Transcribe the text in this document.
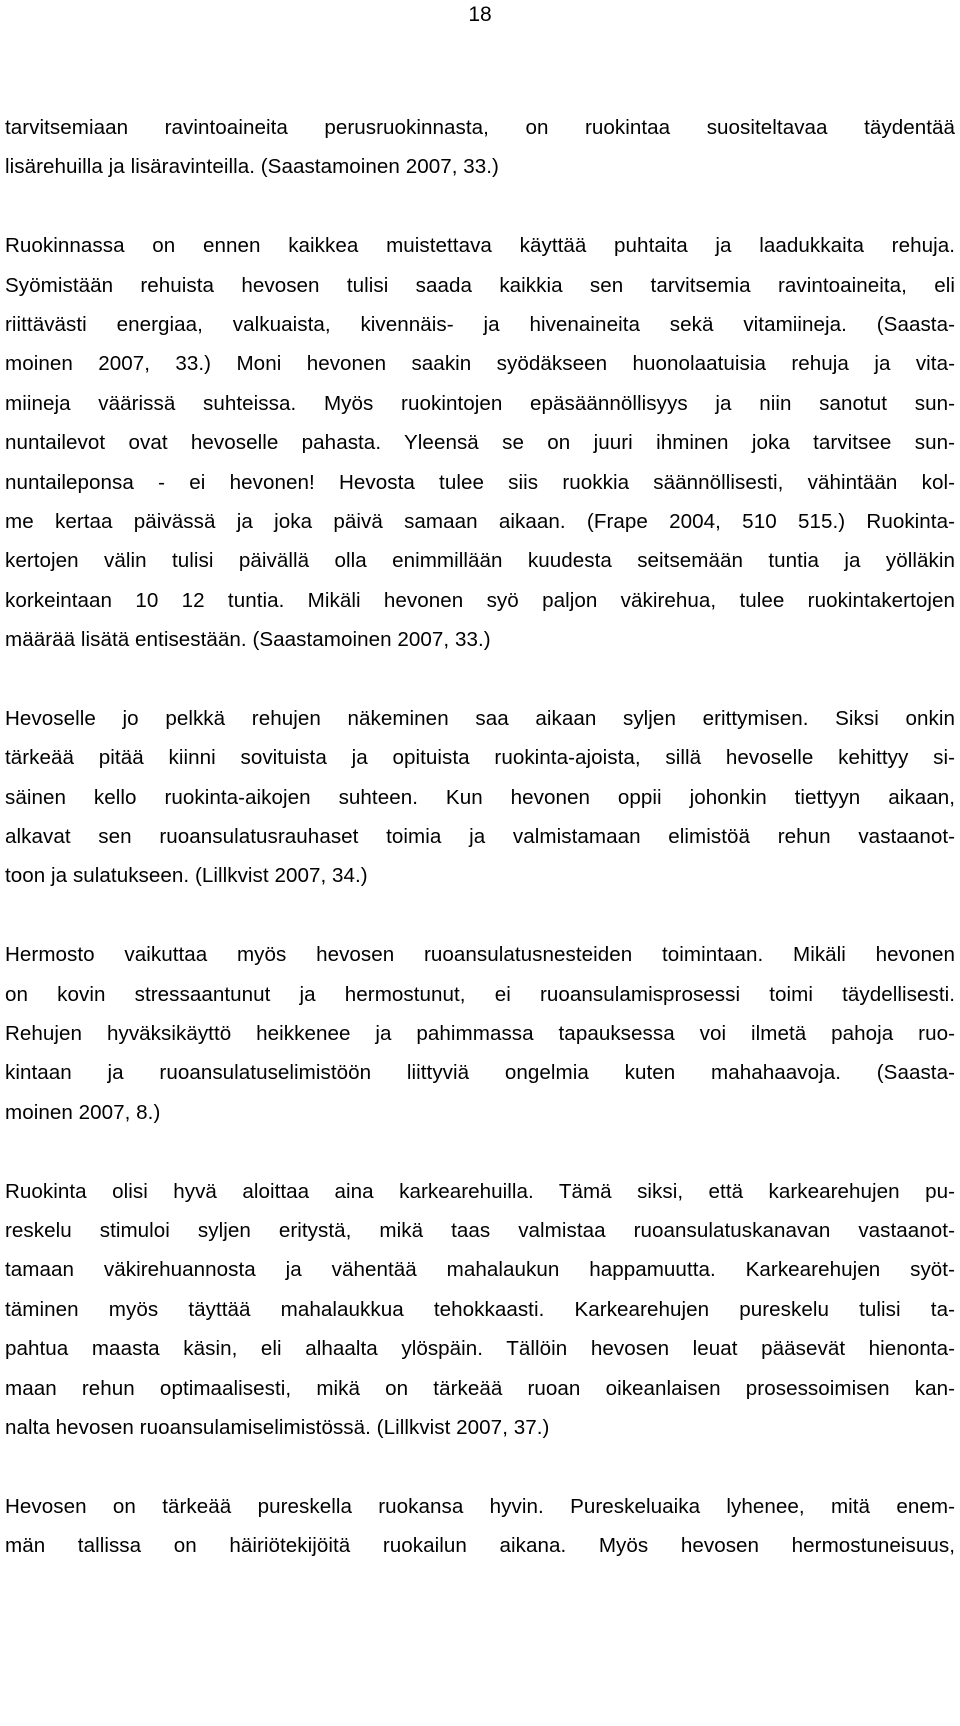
18
tarvitsemiaan ravintoaineita perusruokinnasta, on ruokintaa suositeltavaa täydentää
lisärehuilla ja lisäravinteilla. (Saastamoinen 2007, 33.)
Ruokinnassa on ennen kaikkea muistettava käyttää puhtaita ja laadukkaita rehuja.
Syömistään rehuista hevosen tulisi saada kaikkia sen tarvitsemia ravintoaineita, eli
riittävästi energiaa, valkuaista, kivennäis- ja hivenaineita sekä vitamiineja. (Saasta-
moinen 2007, 33.) Moni hevonen saakin syödäkseen huonolaatuisia rehuja ja vita-
miineja väärissä suhteissa. Myös ruokintojen epäsäännöllisyys ja niin sanotut sun-
nuntailevot ovat hevoselle pahasta. Yleensä se on juuri ihminen joka tarvitsee sun-
nuntaileponsa - ei hevonen! Hevosta tulee siis ruokkia säännöllisesti, vähintään kol-
me kertaa päivässä ja joka päivä samaan aikaan. (Frape 2004, 510 515.) Ruokinta-
kertojen välin tulisi päivällä olla enimmillään kuudesta seitsemään tuntia ja yölläkin
korkeintaan 10 12 tuntia. Mikäli hevonen syö paljon väkirehua, tulee ruokintakertojen
määrää lisätä entisestään. (Saastamoinen 2007, 33.)
Hevoselle jo pelkkä rehujen näkeminen saa aikaan syljen erittymisen. Siksi onkin
tärkeää pitää kiinni sovituista ja opituista ruokinta-ajoista, sillä hevoselle kehittyy si-
säinen kello ruokinta-aikojen suhteen. Kun hevonen oppii johonkin tiettyyn aikaan,
alkavat sen ruoansulatusrauhaset toimia ja valmistamaan elimistöä rehun vastaanot-
toon ja sulatukseen. (Lillkvist 2007, 34.)
Hermosto vaikuttaa myös hevosen ruoansulatusnesteiden toimintaan. Mikäli hevonen
on kovin stressaantunut ja hermostunut, ei ruoansulamisprosessi toimi täydellisesti.
Rehujen hyväksikäyttö heikkenee ja pahimmassa tapauksessa voi ilmetä pahoja ruo-
kintaan ja ruoansulatuselimistöön liittyviä ongelmia kuten mahahaavoja. (Saasta-
moinen 2007, 8.)
Ruokinta olisi hyvä aloittaa aina karkearehuilla. Tämä siksi, että karkearehujen pu-
reskelu stimuloi syljen eritystä, mikä taas valmistaa ruoansulatuskanavan vastaanot-
tamaan väkirehuannosta ja vähentää mahalaukun happamuutta. Karkearehujen syöt-
täminen myös täyttää mahalaukkua tehokkaasti. Karkearehujen pureskelu tulisi ta-
pahtua maasta käsin, eli alhaalta ylöspäin. Tällöin hevosen leuat pääsevät hienonta-
maan rehun optimaalisesti, mikä on tärkeää ruoan oikeanlaisen prosessoimisen kan-
nalta hevosen ruoansulamiselimistössä. (Lillkvist 2007, 37.)
Hevosen on tärkeää pureskella ruokansa hyvin. Pureskeluaika lyhenee, mitä enem-
män tallissa on häiriötekijöitä ruokailun aikana. Myös hevosen hermostuneisuus,
